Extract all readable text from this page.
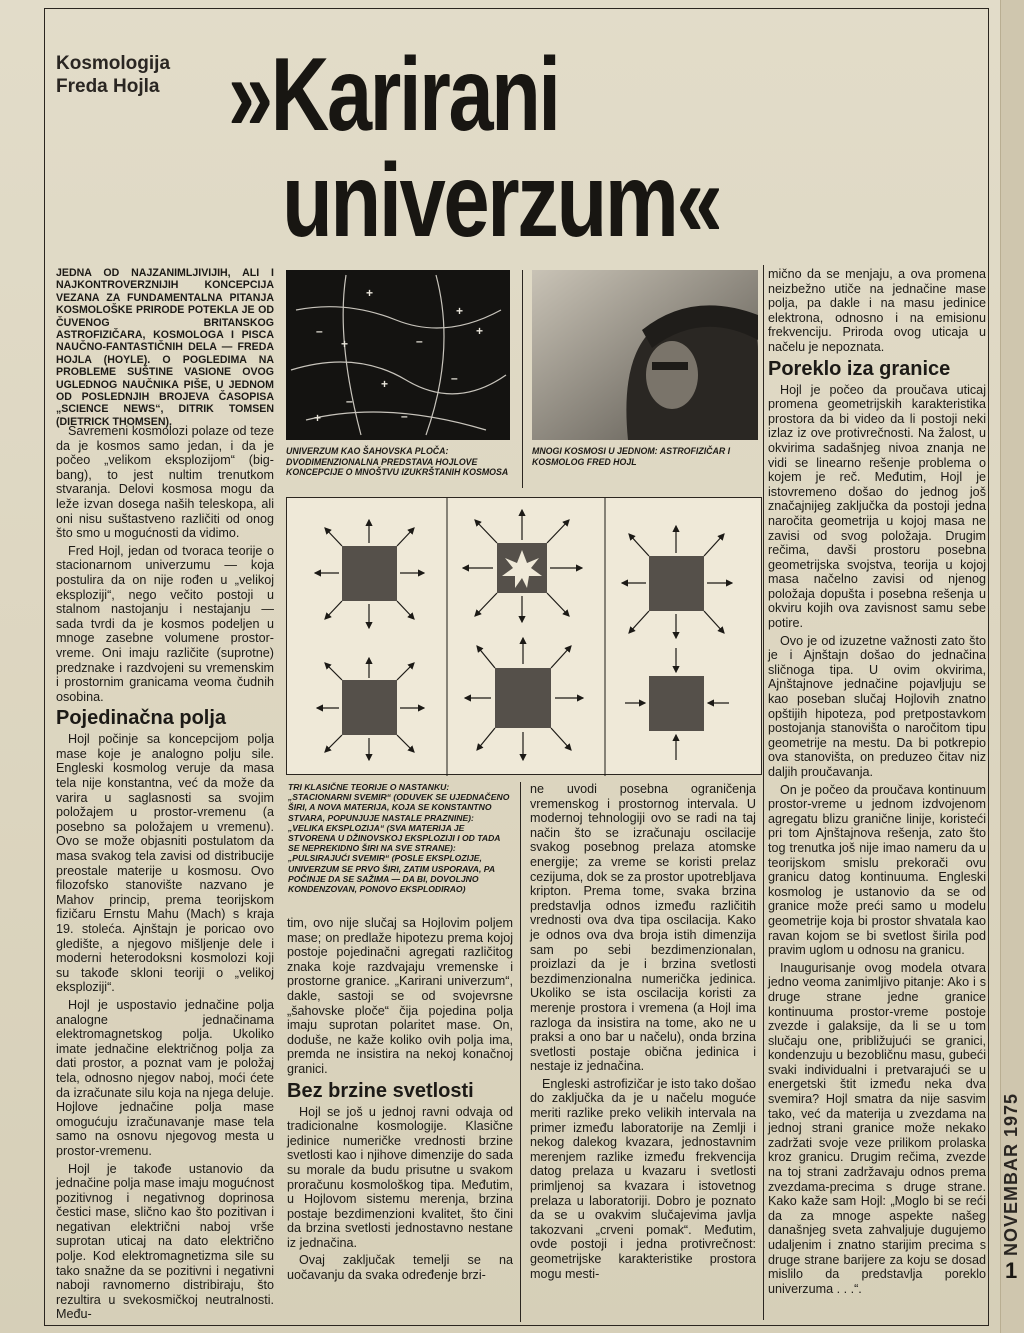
Kosmologija
Freda Hojla »Karirani
univerzum«
JEDNA OD NAJZANIMLJIVIJIH, ALI I NAJKONTROVERZNIJIH KONCEPCIJA VEZANA ZA FUNDAMENTALNA PITANJA KOSMOLOŠKE PRIRODE POTEKLA JE OD ČUVENOG BRITANSKOG ASTROFIZIČARA, KOSMOLOGA I PISCA NAUČNO-FANTASTIČNIH DELA — FREDA HOJLA (HOYLE). O POGLEDIMA NA PROBLEME SUŠTINE VASIONE OVOG UGLEDNOG NAUČNIKA PIŠE, U JEDNOM OD POSLEDNJIH BROJEVA ČASOPISA „SCIENCE NEWS“, DITRIK TOMSEN (DIETRICK THOMSEN).

Savremeni kosmolozi polaze od teze da je kosmos samo jedan, i da je počeo „velikom eksplozijom“ (big-bang), to jest nultim trenutkom stvaranja. Delovi kosmosa mogu da leže izvan dosega naših teleskopa, ali oni nisu suštastveno različiti od onog što smo u mogućnosti da vidimo.

Fred Hojl, jedan od tvoraca teorije o stacionarnom univerzumu — koja postulira da on nije rođen u „velikoj eksploziji“, nego večito postoji u stalnom nastojanju i nestajanju — sada tvrdi da je kosmos podeljen u mnoge zasebne volumene prostor-vreme. Oni imaju različite (suprotne) predznake i razdvojeni su vremenskim i prostornim granicama veoma čudnih osobina.

Pojedinačna polja

Hojl počinje sa koncepcijom polja mase koje je analogno polju sile. Engleski kosmolog veruje da masa tela nije konstantna, već da može da varira u saglasnosti sa svojim položajem u prostor-vremenu (a posebno sa položajem u vremenu). Ovo se može objasniti postulatom da masa svakog tela zavisi od distribucije preostale materije u kosmosu. Ovo filozofsko stanovište nazvano je Mahov princip, prema teorijskom fizičaru Ernstu Mahu (Mach) s kraja 19. stoleća. Ajnštajn je poricao ovo gledište, a njegovo mišljenje dele i moderni heterodoksni kosmolozi koji su takođe skloni teoriji o „velikoj eksploziji“.

Hojl je uspostavio jednačine polja analogne jednačinama elektromagnetskog polja. Ukoliko imate jednačine električnog polja za dati prostor, a poznat vam je položaj tela, odnosno njegov naboj, moći ćete da izračunate silu koja na njega deluje. Hojlove jednačine polja mase omogućuju izračunavanje mase tela samo na osnovu njegovog mesta u prostor-vremenu.

Hojl je takođe ustanovio da jednačine polja mase imaju mogućnost pozitivnog i negativnog doprinosa čestici mase, slično kao što pozitivan i negativan električni naboj vrše suprotan uticaj na dato električno polje. Kod elektromagnetizma sile su tako snažne da se pozitivni i negativni naboji ravnomerno distribiraju, što rezultira u svekosmičkoj neutralnosti. Među-

+
+
+
+
+
+
–
–
–
–
–
UNIVERZUM KAO ŠAHOVSKA PLOČA: DVODIMENZIONALNA PREDSTAVA HOJLOVE KONCEPCIJE O MNOŠTVU IZUKRŠTANIH KOSMOSA
MNOGI KOSMOSI U JEDNOM: ASTROFIZIČAR I KOSMOLOG FRED HOJL
TRI KLASIČNE TEORIJE O NASTANKU: „STACIONARNI SVEMIR“ (ODUVEK SE UJEDNAČENO ŠIRI, A NOVA MATERIJA, KOJA SE KONSTANTNO STVARA, POPUNJUJE NASTALE PRAZNINE): „VELIKA EKSPLOZIJA“ (SVA MATERIJA JE STVORENA U DŽINOVSKOJ EKSPLOZIJI I OD TADA SE NEPREKIDNO ŠIRI NA SVE STRANE): „PULSIRAJUĆI SVEMIR“ (POSLE EKSPLOZIJE, UNIVERZUM SE PRVO ŠIRI, ZATIM USPORAVA, PA POČINJE DA SE SAŽIMA — DA BI, DOVOLJNO KONDENZOVAN, PONOVO EKSPLODIRAO)

tim, ovo nije slučaj sa Hojlovim poljem mase; on predlaže hipotezu prema kojoj postoje pojedinačni agregati različitog znaka koje razdvajaju vremenske i prostorne granice. „Karirani univerzum“, dakle, sastoji se od svojevrsne „šahovske ploče“ čija pojedina polja imaju suprotan polaritet mase. On, doduše, ne kaže koliko ovih polja ima, premda ne insistira na nekoj konačnoj granici.

Bez brzine svetlosti

Hojl se još u jednoj ravni odvaja od tradicionalne kosmologije. Klasične jedinice numeričke vrednosti brzine svetlosti kao i njihove dimenzije do sada su morale da budu prisutne u svakom proračunu kosmološkog tipa. Međutim, u Hojlovom sistemu merenja, brzina postaje bezdimenzioni kvalitet, što čini da brzina svetlosti jednostavno nestane iz jednačina.

Ovaj zaključak temelji se na uočavanju da svaka određenje brzi-

ne uvodi posebna ograničenja vremenskog i prostornog intervala. U modernoj tehnologiji ovo se radi na taj način što se izračunaju oscilacije svakog posebnog prelaza atomske energije; za vreme se koristi prelaz cezijuma, dok se za prostor upotrebljava kripton. Prema tome, svaka brzina predstavlja odnos između različitih vrednosti ova dva tipa oscilacija. Kako je odnos ova dva broja istih dimenzija sam po sebi bezdimenzionalan, proizlazi da je i brzina svetlosti bezdimenzionalna numerička jedinica. Ukoliko se ista oscilacija koristi za merenje prostora i vremena (a Hojl ima razloga da insistira na tome, ako ne u praksi a ono bar u načelu), onda brzina svetlosti postaje obična jedinica i nestaje iz jednačina.

Engleski astrofizičar je isto tako došao do zaključka da je u načelu moguće meriti razlike preko velikih intervala na primer između laboratorije na Zemlji i nekog dalekog kvazara, jednostavnim merenjem razlike između frekvencija datog prelaza u kvazaru i svetlosti primljenoj sa kvazara i istovetnog prelaza u laboratoriji. Dobro je poznato da se u ovakvim slučajevima javlja takozvani „crveni pomak“. Međutim, ovde postoji i jedna protivrečnost: geometrijske karakteristike prostora mogu mesti-

mično da se menjaju, a ova promena neizbežno utiče na jednačine mase polja, pa dakle i na masu jedinice elektrona, odnosno i na emisionu frekvenciju. Priroda ovog uticaja u načelu je nepoznata.

Poreklo iza granice

Hojl je počeo da proučava uticaj promena geometrijskih karakteristika prostora da bi video da li postoji neki izlaz iz ove protivrečnosti. Na žalost, u okvirima sadašnjeg nivoa znanja ne vidi se linearno rešenje problema o kojem je reč. Međutim, Hojl je istovremeno došao do jednog još značajnijeg zaključka da postoji jedna naročita geometrija u kojoj masa ne zavisi od svog položaja. Drugim rečima, davši prostoru posebna geometrijska svojstva, teorija u kojoj masa načelno zavisi od njenog položaja dopušta i posebna rešenja u okviru kojih ova zavisnost samu sebe potire.

Ovo je od izuzetne važnosti zato što je i Ajnštajn došao do jednačina sličnoga tipa. U ovim okvirima, Ajnštajnove jednačine pojavljuju se kao poseban slučaj Hojlovih znatno opštijih hipoteza, pod pretpostavkom postojanja stanovišta o naročitom tipu geometrije na mestu. Da bi potkrepio ova stanovišta, on preduzeo čitav niz daljih proučavanja.

On je počeo da proučava kontinuum prostor-vreme u jednom izdvojenom agregatu blizu granične linije, koristeći pri tom Ajnštajnova rešenja, zato što tog trenutka još nije imao nameru da u teorijskom smislu prekorači ovu granicu datog kontinuuma. Engleski kosmolog je ustanovio da se od granice može preći samo u modelu geometrije koja bi prostor shvatala kao ravan kojom se bi svetlost širila pod pravim uglom u odnosu na granicu.

Inaugurisanje ovog modela otvara jedno veoma zanimljivo pitanje: Ako i s druge strane jedne granice kontinuuma prostor-vreme postoje zvezde i galaksije, da li se u tom slučaju one, približujući se granici, kondenzuju u bezobličnu masu, gubeći svaki individualni i pretvarajući se u energetski štit između neka dva svemira? Hojl smatra da nije sasvim tako, već da materija u zvezdama na jednoj strani granice može nekako zadržati svoje veze prilikom prolaska kroz granicu. Drugim rečima, zvezde na toj strani zadržavaju odnos prema zvezdama-precima s druge strane. Kako kaže sam Hojl: „Moglo bi se reći da za mnoge aspekte našeg današnjeg sveta zahvaljuje dugujemo udaljenim i znatno starijim precima s druge strane barijere za koju se dosad mislilo da predstavlja poreklo univerzuma . . .“.

NOVEMBAR 1975
1
